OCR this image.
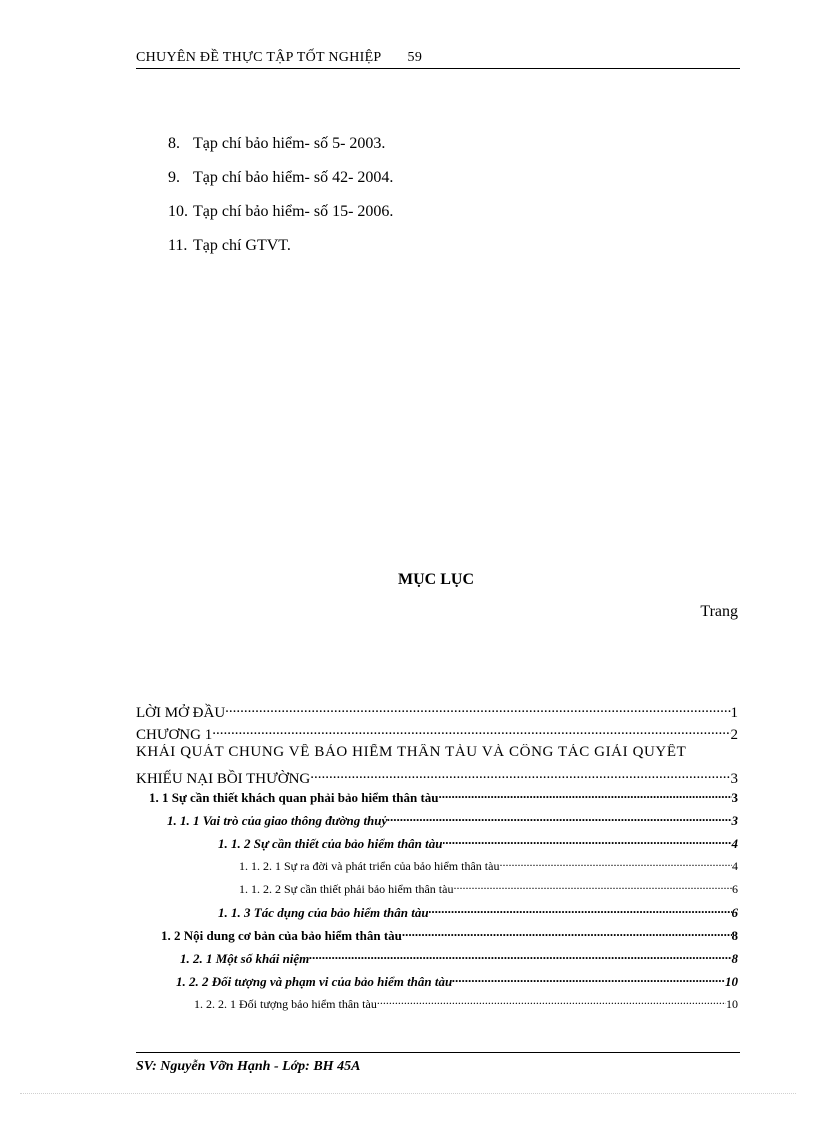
CHUYÊN ĐỀ THỰC TẬP TỐT NGHIỆP 59
8. Tạp chí bảo hiểm- số 5- 2003.
9. Tạp chí bảo hiểm- số 42- 2004.
10. Tạp chí bảo hiểm- số 15- 2006.
11. Tạp chí GTVT.
MỤC LỤC
Trang
LỜI MỞ ĐẦU .....	1
CHƯƠNG 1 .....	2
KHÁI QUÁT CHUNG VỀ BẢO HIỂM THÂN TÀU VÀ CÔNG TÁC GIẢI QUYẾT
KHIẾU NẠI BỒI THƯỜNG .....	3
1. 1 Sự cần thiết khách quan phải bảo hiểm thân tàu .....	3
1. 1. 1 Vai trò của giao thông đường thuỷ .....	3
1. 1. 2 Sự cần thiết của bảo hiểm thân tàu .....	4
1. 1. 2. 1 Sự ra đời và phát triển của bảo hiểm thân tàu .....	4
1. 1. 2. 2 Sự cần thiết phải bảo hiểm thân tàu .....	6
1. 1. 3 Tác dụng của bảo hiểm thân tàu .....	6
1. 2 Nội dung cơ bản của bảo hiểm thân tàu .....	8
1. 2. 1 Một số khái niệm .....	8
1. 2. 2 Đối tượng và phạm vi của bảo hiểm thân tàu .....	10
1. 2. 2. 1 Đối tượng bảo hiểm thân tàu .....	10
SV: Nguyễn Vỡn Hạnh - Lớp: BH 45A
